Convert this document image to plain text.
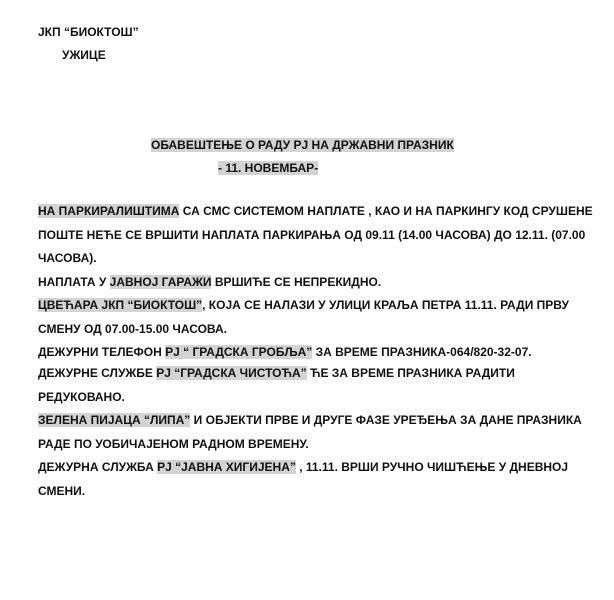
ЈКП “БИОКТОШ”
УЖИЦЕ
ОБАВЕШТЕЊЕ О РАДУ РЈ НА ДРЖАВНИ ПРАЗНИК
- 11. НОВЕМБАР-

НА ПАРКИРАЛИШТИМА СА СМС СИСТЕМОМ НАПЛАТЕ , КАО И НА ПАРКИНГУ КОД СРУШЕНЕ ПОШТЕ НЕЋЕ СЕ ВРШИТИ НАПЛАТА ПАРКИРАЊА ОД 09.11 (14.00 ЧАСОВА) ДО 12.11. (07.00 ЧАСОВА).

НАПЛАТА У ЈАВНОЈ ГАРАЖИ ВРШИЋЕ СЕ НЕПРЕКИДНО.

ЦВЕЋАРА ЈКП “БИОКТОШ”, КОЈА СЕ НАЛАЗИ У УЛИЦИ КРАЉА ПЕТРА 11.11. РАДИ ПРВУ СМЕНУ ОД 07.00-15.00 ЧАСОВА.

ДЕЖУРНИ ТЕЛЕФОН РЈ “ ГРАДСКА ГРОБЉА” ЗА ВРЕМЕ ПРАЗНИКА-064/820-32-07.

ДЕЖУРНЕ СЛУЖБЕ РЈ “ГРАДСКА ЧИСТОЋА” ЋЕ ЗА ВРЕМЕ ПРАЗНИКА РАДИТИ РЕДУКОВАНО.

ЗЕЛЕНА ПИЈАЦА “ЛИПА” И ОБЈЕКТИ ПРВЕ И ДРУГЕ ФАЗЕ УРЕЂЕЊА ЗА ДАНЕ ПРАЗНИКА РАДЕ ПО УОБИЧАЈЕНОМ РАДНОМ ВРЕМЕНУ.

ДЕЖУРНА СЛУЖБА РЈ “ЈАВНА ХИГИЈЕНА” , 11.11. ВРШИ РУЧНО ЧИШЋЕЊЕ У ДНЕВНОЈ СМЕНИ.
